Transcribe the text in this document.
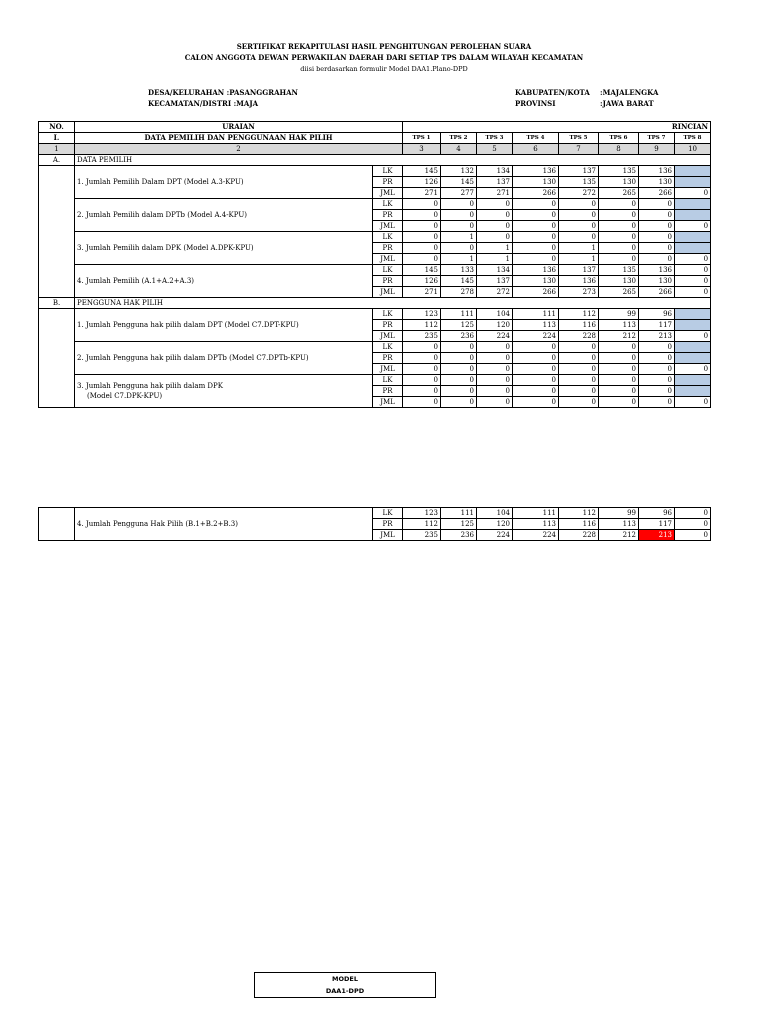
SERTIFIKAT REKAPITULASI HASIL PENGHITUNGAN PEROLEHAN SUARA
CALON ANGGOTA DEWAN PERWAKILAN DAERAH DARI SETIAP TPS DALAM WILAYAH KECAMATAN
diisi berdasarkan formulir Model DAA1.Plano-DPD
DESA/KELURAHAN :PASANGGRAHAN
KECAMATAN/DISTRI :MAJA
KABUPATEN/KOTA :MAJALENGKA
PROVINSI	:JAWA BARAT
NO.	URAIAN		RINCIAN							
I.	DATA PEMILIH DAN PENGGUNAAN HAK PILIH		TPS 1	TPS 2	TPS 3	TPS 4	TPS 5	TPS 6	TPS 7	TPS 8
1	2		3	4	5	6	7	8	9	10
A.	DATA PEMILIH									

	1. Jumlah Pemilih Dalam DPT (Model A.3-KPU)	LK	145	132	134	136	137	135	136	
		PR	126	145	137	130	135	130	130	
		JML	271	277	271	266	272	265	266	0

	2. Jumlah Pemilih dalam DPTb (Model A.4-KPU)	LK	0	0	0	0	0	0	0	
		PR	0	0	0	0	0	0	0	
		JML	0	0	0	0	0	0	0	0

	3. Jumlah Pemilih dalam DPK (Model A.DPK-KPU)	LK	0	1	0	0	0	0	0	
		PR	0	0	1	0	1	0	0	
		JML	0	1	1	0	1	0	0	0

	4. Jumlah Pemilih (A.1+A.2+A.3)	LK	145	133	134	136	137	135	136	0
		PR	126	145	137	130	136	130	130	0
		JML	271	278	272	266	273	265	266	0
B.	PENGGUNA HAK PILIH									

	1. Jumlah Pengguna hak pilih dalam DPT (Model C7.DPT-KPU)	LK	123	111	104	111	112	99	96	
		PR	112	125	120	113	116	113	117	
		JML	235	236	224	224	228	212	213	0

	2. Jumlah Pengguna hak pilih dalam DPTb (Model C7.DPTb-KPU)	LK	0	0	0	0	0	0	0	
		PR	0	0	0	0	0	0	0	
		JML	0	0	0	0	0	0	0	0

	3. Jumlah Pengguna hak pilih dalam DPK
(Model C7.DPK-KPU)	LK	0	0	0	0	0	0	0	
		PR	0	0	0	0	0	0	0	
		JML	0	0	0	0	0	0	0	0
	4. Jumlah Pengguna Hak Pilih (B.1+B.2+B.3)	LK	123	111	104	111	112	99	96	0
		PR	112	125	120	113	116	113	117	0
		JML	235	236	224	224	228	212	213	0
MODEL
DAA1-DPD
